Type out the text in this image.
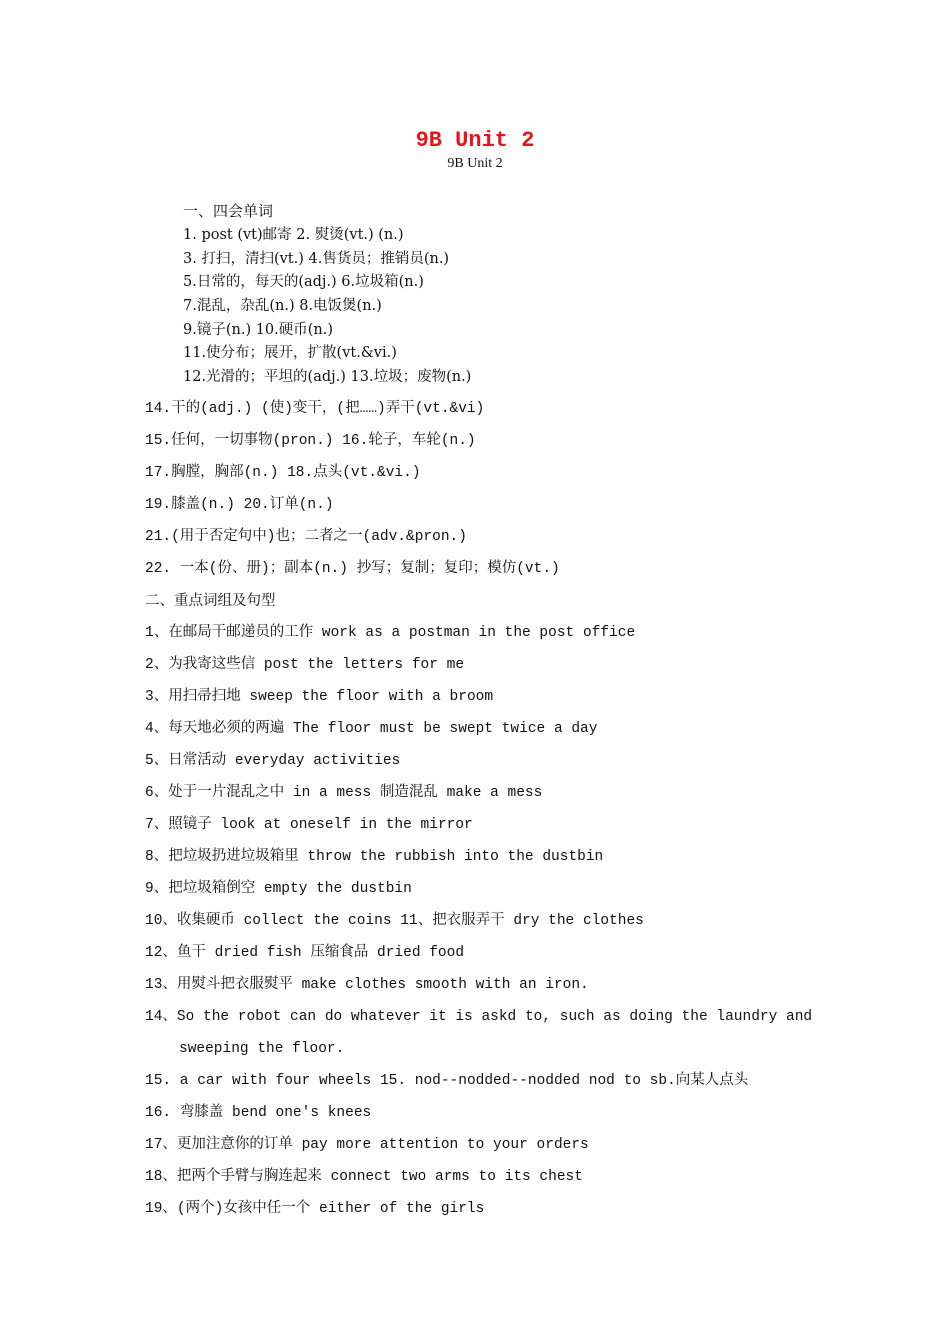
9B Unit 2
9B Unit 2
一、四会单词
1. post (vt)邮寄 2. 熨烫(vt.) (n.)
3. 打扫，清扫(vt.) 4.售货员；推销员(n.)
5.日常的，每天的(adj.) 6.垃圾箱(n.)
7.混乱，杂乱(n.) 8.电饭煲(n.)
9.镜子(n.) 10.硬币(n.)
11.使分布；展开，扩散(vt.&vi.)
12.光滑的；平坦的(adj.) 13.垃圾；废物(n.)
14.干的(adj.) (使)变干，(把……)弄干(vt.&vi)
15.任何，一切事物(pron.) 16.轮子，车轮(n.)
17.胸膛，胸部(n.) 18.点头(vt.&vi.)
19.膝盖(n.) 20.订单(n.)
21.(用于否定句中)也；二者之一(adv.&pron.)
22. 一本(份、册)；副本(n.) 抄写；复制；复印；模仿(vt.)
二、重点词组及句型
1、在邮局干邮递员的工作 work as a postman in the post office
2、为我寄这些信 post the letters for me
3、用扫帚扫地 sweep the floor with a broom
4、每天地必须的两遍 The floor must be swept twice a day
5、日常活动 everyday activities
6、处于一片混乱之中 in a mess 制造混乱 make a mess
7、照镜子 look at oneself in the mirror
8、把垃圾扔进垃圾箱里 throw the rubbish into the dustbin
9、把垃圾箱倒空 empty the dustbin
10、收集硬币 collect the coins 11、把衣服弄干 dry the clothes
12、鱼干 dried fish 压缩食品 dried food
13、用熨斗把衣服熨平 make clothes smooth with an iron.
14、So the robot can do whatever it is askd to, such as doing the laundry and
sweeping the floor.
15. a car with four wheels 15. nod--nodded--nodded nod to sb.向某人点头
16. 弯膝盖 bend one's knees
17、更加注意你的订单 pay more attention to your orders
18、把两个手臂与胸连起来 connect two arms to its chest
19、(两个)女孩中任一个 either of the girls
